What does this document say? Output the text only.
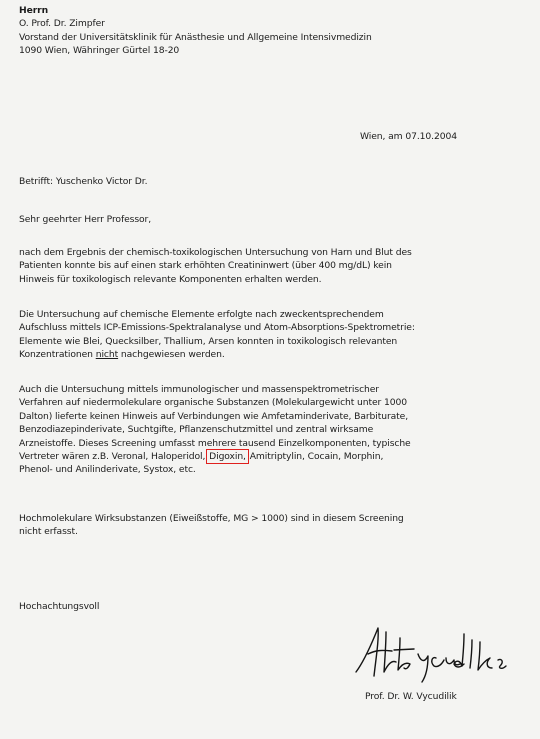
Herrn
O. Prof. Dr. Zimpfer
Vorstand der Universitätsklinik für Anästhesie und Allgemeine Intensivmedizin
1090 Wien, Währinger Gürtel 18-20
Wien, am 07.10.2004
Betrifft: Yuschenko Victor Dr.
Sehr geehrter Herr Professor,
nach dem Ergebnis der chemisch-toxikologischen Untersuchung von Harn und Blut des
Patienten konnte bis auf einen stark erhöhten Creatininwert (über 400 mg/dL) kein
Hinweis für toxikologisch relevante Komponenten erhalten werden.
Die Untersuchung auf chemische Elemente erfolgte nach zweckentsprechendem
Aufschluss mittels ICP-Emissions-Spektralanalyse und Atom-Absorptions-Spektrometrie:
Elemente wie Blei, Quecksilber, Thallium, Arsen konnten in toxikologisch relevanten
Konzentrationen nicht nachgewiesen werden.
Auch die Untersuchung mittels immunologischer und massenspektrometrischer
Verfahren auf niedermolekulare organische Substanzen (Molekulargewicht unter 1000
Dalton) lieferte keinen Hinweis auf Verbindungen wie Amfetaminderivate, Barbiturate,
Benzodiazepinderivate, Suchtgifte, Pflanzenschutzmittel und zentral wirksame
Arzneistoffe. Dieses Screening umfasst mehrere tausend Einzelkomponenten, typische
Vertreter wären z.B. Veronal, Haloperidol, Digoxin, Amitriptylin, Cocain, Morphin,
Phenol- und Anilinderivate, Systox, etc.
Hochmolekulare Wirksubstanzen (Eiweißstoffe, MG > 1000) sind in diesem Screening
nicht erfasst.
Hochachtungsvoll
Prof. Dr. W. Vycudilik
